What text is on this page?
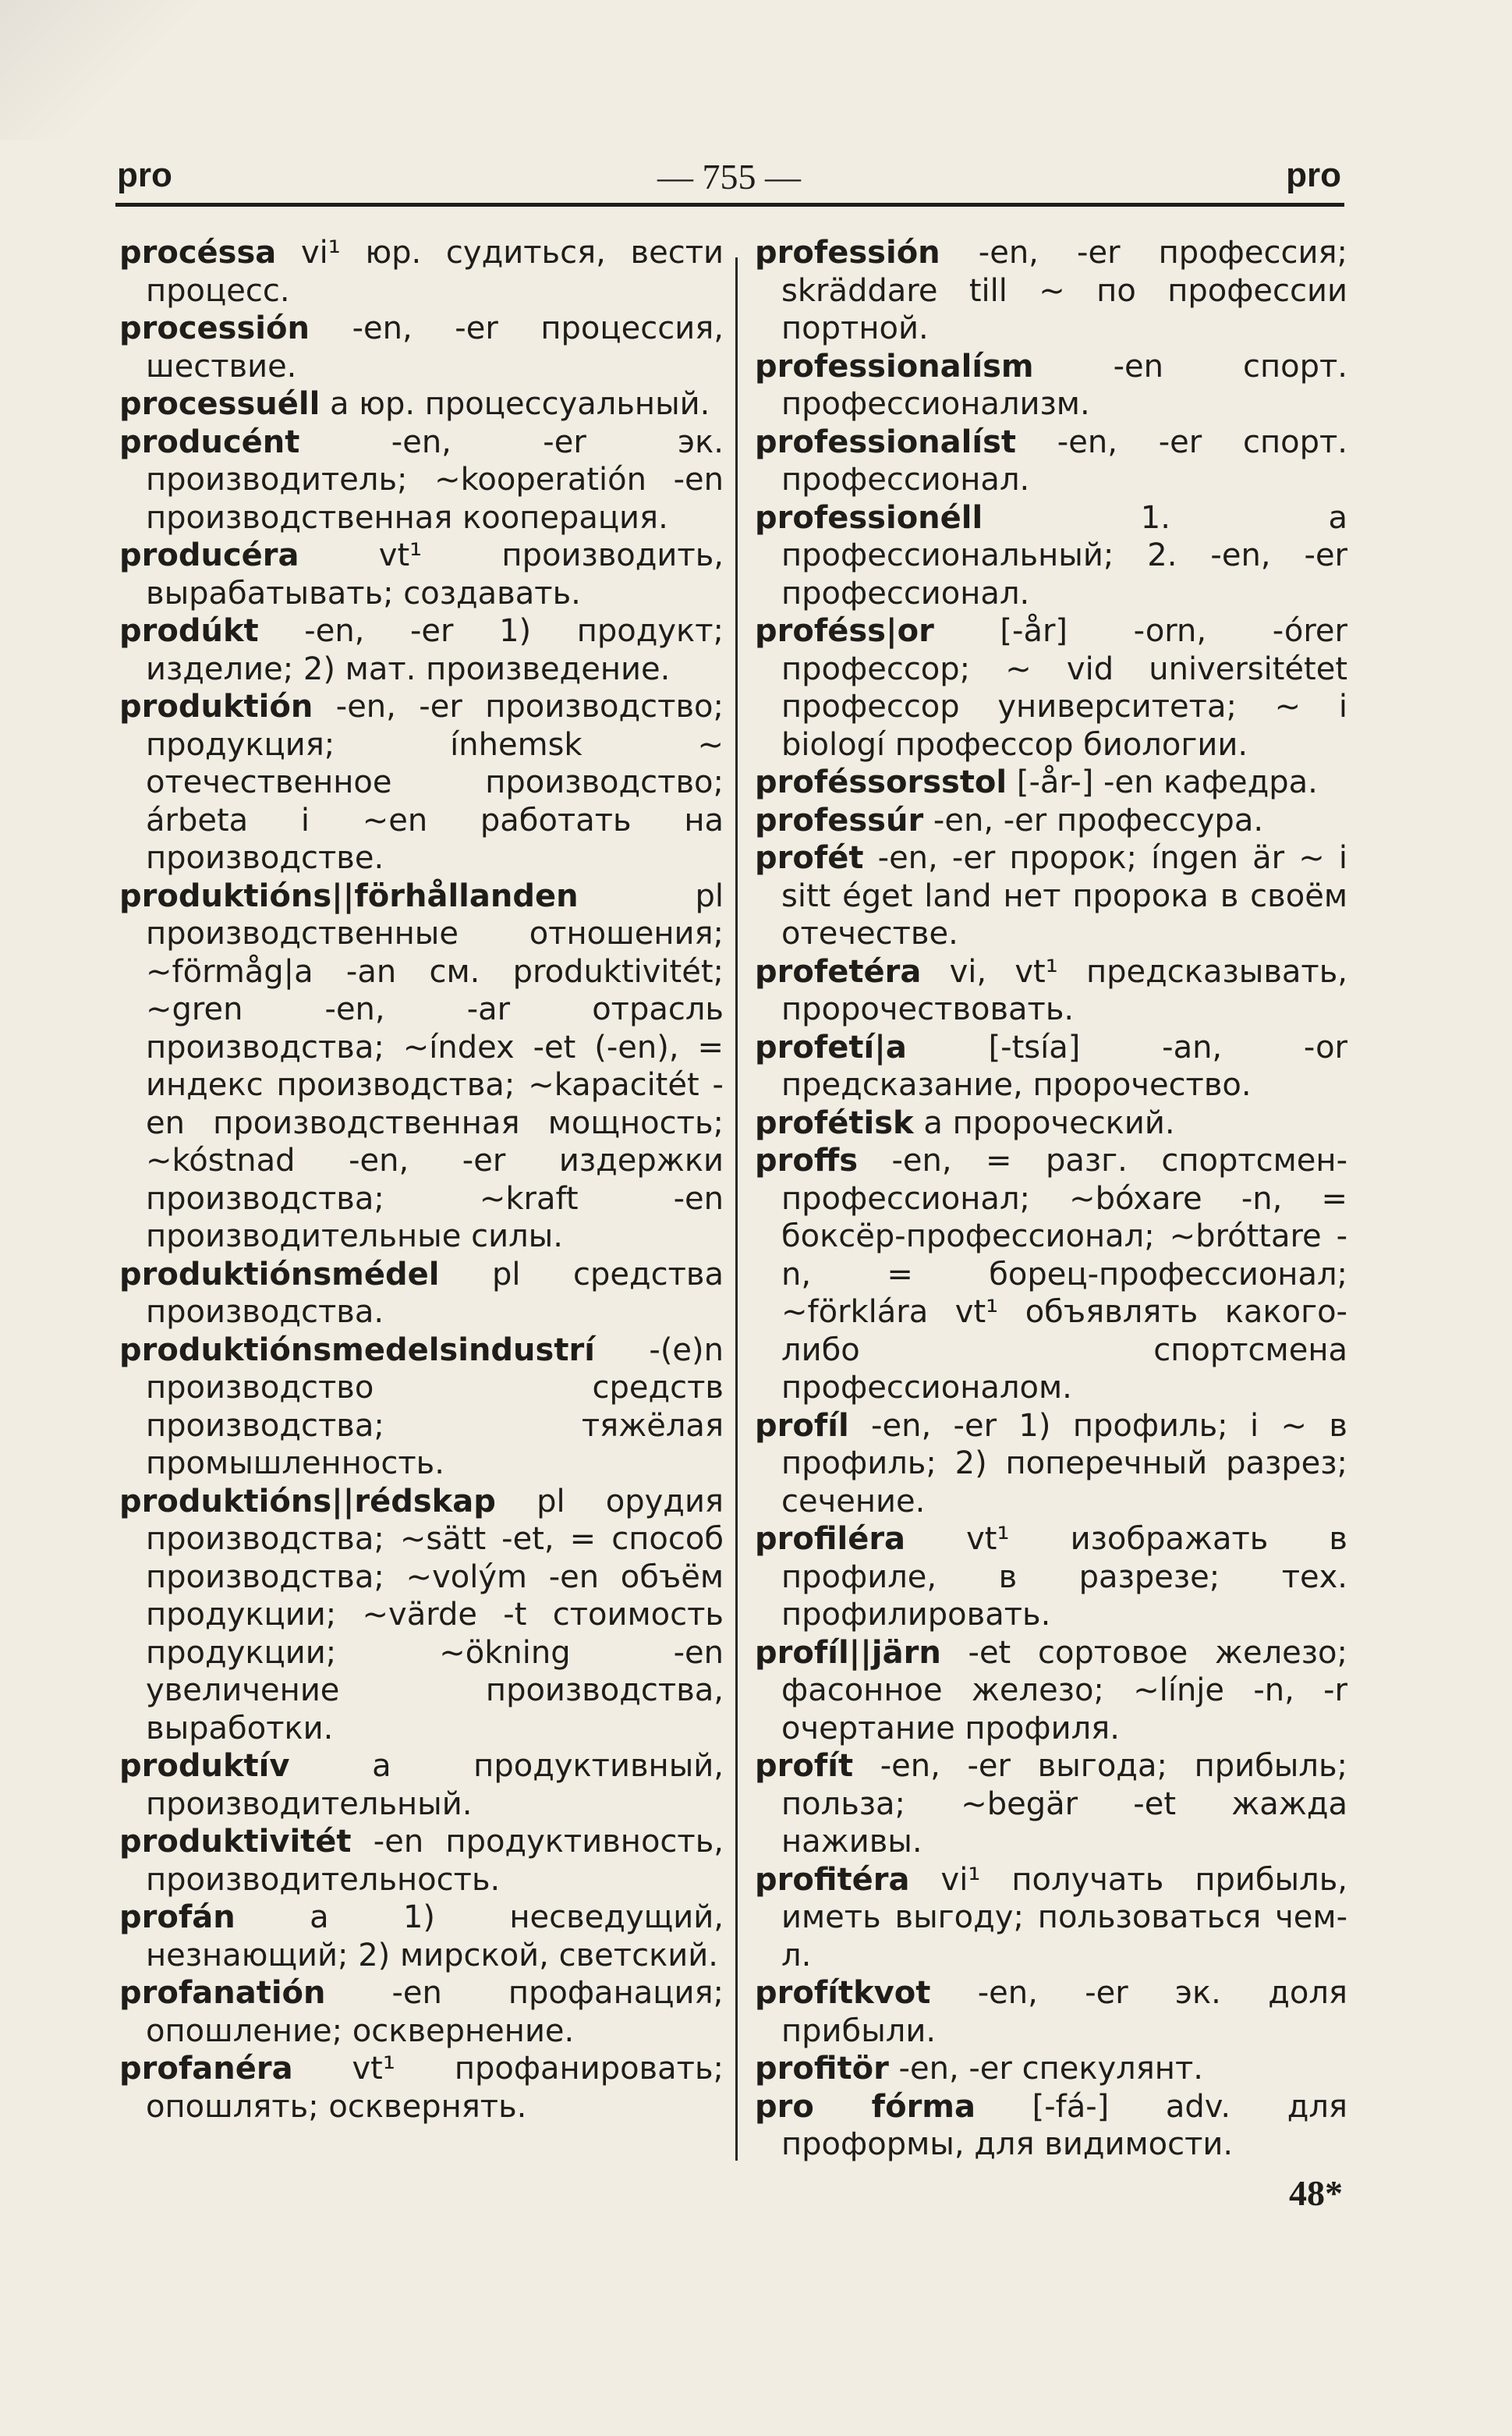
pro	— 755 —	pro

procéssa vi¹ юр. судиться, вести процесс.

processión -en, -er процессия, шествие.

processuéll a юр. процессуальный.

producént -en, -er эк. производитель; ~kooperatión -en производственная кооперация.

producéra vt¹ производить, вырабатывать; создавать.

prodúkt -en, -er 1) продукт; изделие; 2) мат. произведение.

produktión -en, -er производство; продукция; ínhemsk ~ отечественное производство; árbeta i ~en работать на производстве.

produktións||förhållanden pl производственные отношения; ~förmåg|a -an см. produktivitét; ~gren -en, -ar отрасль производства; ~índex -et (-en), = индекс производства; ~kapacitét -en производственная мощность; ~kóstnad -en, -er издержки производства; ~kraft -en производительные силы.

produktiónsmédel pl средства производства.

produktiónsmedelsindustrí -(e)n производство средств производства; тяжёлая промышленность.

produktións||rédskap pl орудия производства; ~sätt -et, = способ производства; ~volým -en объём продукции; ~värde -t стоимость продукции; ~ökning -en увеличение производства, выработки.

produktív a продуктивный, производительный.

produktivitét -en продуктивность, производительность.

profán a 1) несведущий, незнающий; 2) мирской, светский.

profanatión -en профанация; опошление; осквернение.

profanéra vt¹ профанировать; опошлять; осквернять.

professión -en, -er профессия; skräddare till ~ по профессии портной.

professionalísm -en спорт. профессионализм.

professionalíst -en, -er спорт. профессионал.

professionéll 1. a профессиональный; 2. -en, -er профессионал.

proféss|or [-år] -orn, -órer профессор; ~ vid universitétet профессор университета; ~ i biologí профессор биологии.

proféssorsstol [-år-] -en кафедра.

professúr -en, -er профессура.

profét -en, -er пророк; íngen är ~ i sitt éget land нет пророка в своём отечестве.

profetéra vi, vt¹ предсказывать, пророчествовать.

profetí|a [-tsía] -an, -or предсказание, пророчество.

profétisk a пророческий.

proffs -en, = разг. спортсмен-профессионал; ~bóxare -n, = боксёр-профессионал; ~bróttare -n, = борец-профессионал; ~förklára vt¹ объявлять какого-либо спортсмена профессионалом.

profíl -en, -er 1) профиль; i ~ в профиль; 2) поперечный разрез; сечение.

profiléra vt¹ изображать в профиле, в разрезе; тех. профилировать.

profíl||järn -et сортовое железо; фасонное железо; ~línje -n, -r очертание профиля.

profít -en, -er выгода; прибыль; польза; ~begär -et жажда наживы.

profitéra vi¹ получать прибыль, иметь выгоду; пользоваться чем-л.

profítkvot -en, -er эк. доля прибыли.

profitör -en, -er спекулянт.

pro fórma [-fá-] adv. для проформы, для видимости.

48*
